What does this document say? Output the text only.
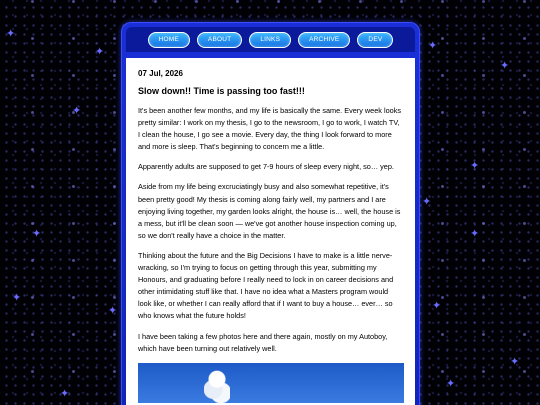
✦
✦
✦
✦
✦
✦
✦
✦
✦
✦
✦
✦
✦
✦
✦
HOME	ABOUT	LINKS	ARCHIVE	DEV
07 Jul, 2026
Slow down!! Time is passing too fast!!!

It's been another few months, and my life is basically the same. Every week looks pretty similar: I work on my thesis, I go to the newsroom, I go to work, I watch TV, I clean the house, I go see a movie. Every day, the thing I look forward to more and more is sleep. That's beginning to concern me a little.

Apparently adults are supposed to get 7-9 hours of sleep every night, so… yep.

Aside from my life being excruciatingly busy and also somewhat repetitive, it's been pretty good! My thesis is coming along fairly well, my partners and I are enjoying living together, my garden looks alright, the house is… well, the house is a mess, but it'll be clean soon — we've got another house inspection coming up, so we don't really have a choice in the matter.

Thinking about the future and the Big Decisions I have to make is a little nerve-wracking, so I'm trying to focus on getting through this year, submitting my Honours, and graduating before I really need to lock in on career decisions and other intimidating stuff like that. I have no idea what a Masters program would look like, or whether I can really afford that if I want to buy a house… ever… so who knows what the future holds!

I have been taking a few photos here and there again, mostly on my Autoboy, which have been turning out relatively well.
